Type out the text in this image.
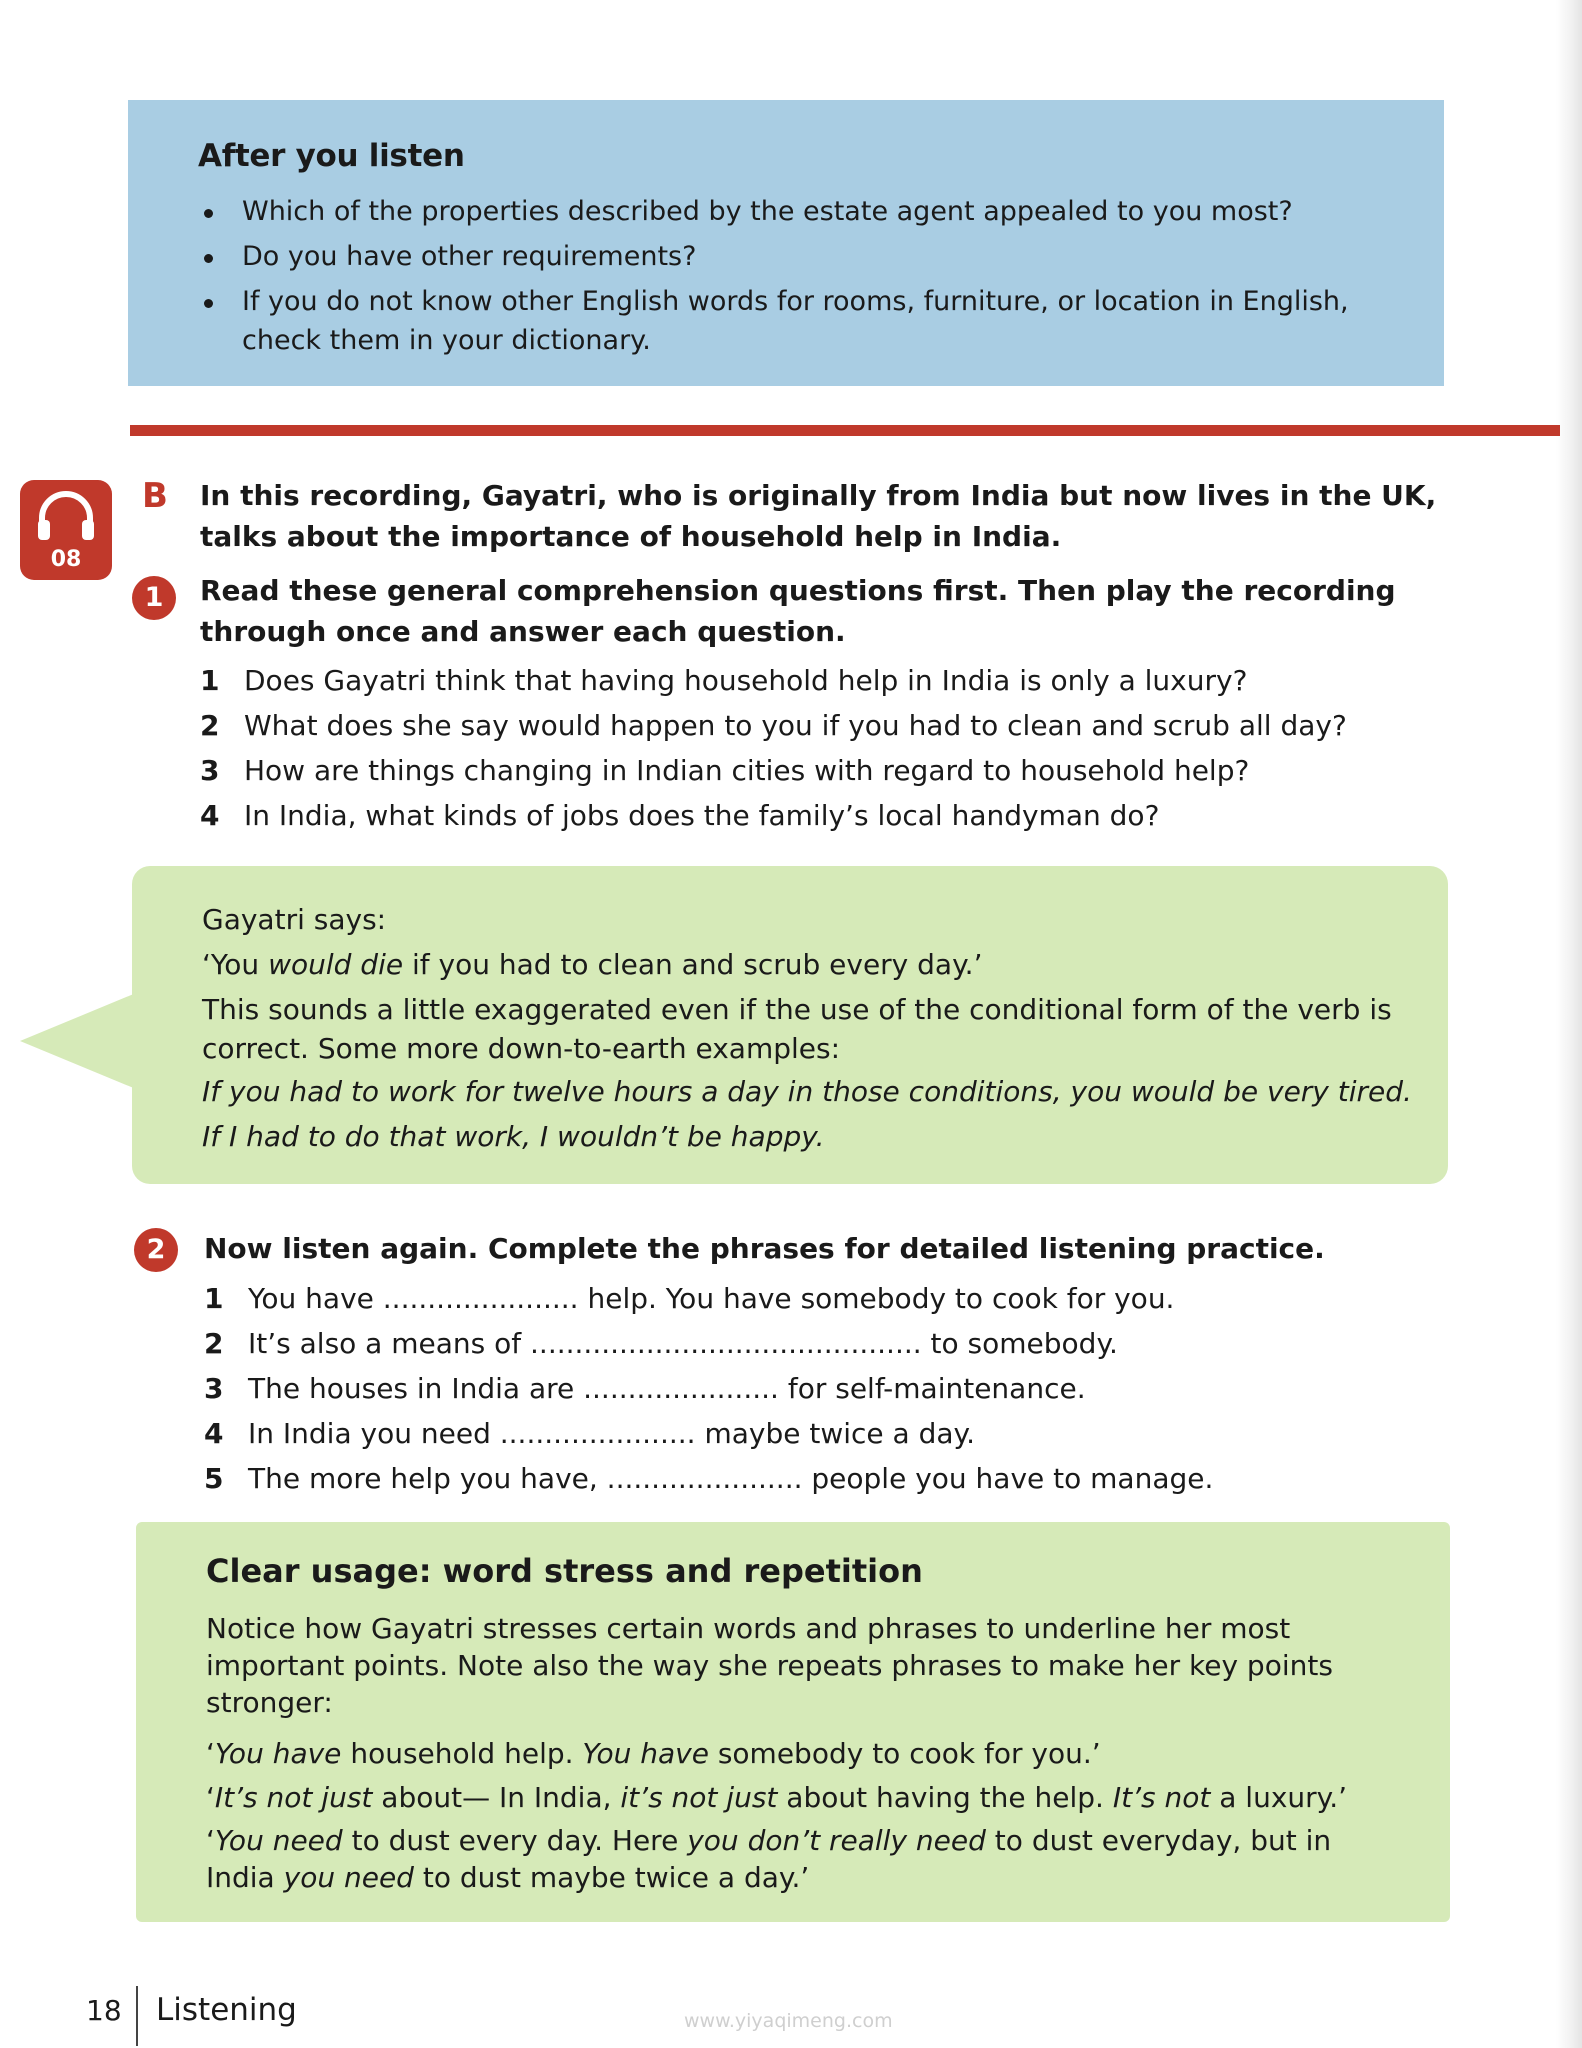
After you listen
Which of the properties described by the estate agent appealed to you most?
Do you have other requirements?
If you do not know other English words for rooms, furniture, or location in English, check them in your dictionary.
08
B In this recording, Gayatri, who is originally from India but now lives in the UK, talks about the importance of household help in India.
1	Read these general comprehension questions first. Then play the recording through once and answer each question.
1 Does Gayatri think that having household help in India is only a luxury?
2 What does she say would happen to you if you had to clean and scrub all day?
3 How are things changing in Indian cities with regard to household help?
4 In India, what kinds of jobs does the family’s local handyman do?
Gayatri says:
‘You would die if you had to clean and scrub every day.’
This sounds a little exaggerated even if the use of the conditional form of the verb is correct. Some more down-to-earth examples:
If you had to work for twelve hours a day in those conditions, you would be very tired.
If I had to do that work, I wouldn’t be happy.
2	Now listen again. Complete the phrases for detailed listening practice.
1 You have ...................... help. You have somebody to cook for you.
2 It’s also a means of ............................................ to somebody.
3 The houses in India are ...................... for self-maintenance.
4 In India you need ...................... maybe twice a day.
5 The more help you have, ...................... people you have to manage.
Clear usage: word stress and repetition
Notice how Gayatri stresses certain words and phrases to underline her most important points. Note also the way she repeats phrases to make her key points stronger:
‘You have household help. You have somebody to cook for you.’
‘It’s not just about— In India, it’s not just about having the help. It’s not a luxury.’
‘You need to dust every day. Here you don’t really need to dust everyday, but in India you need to dust maybe twice a day.’
18 Listening	www.yiyaqimeng.com
